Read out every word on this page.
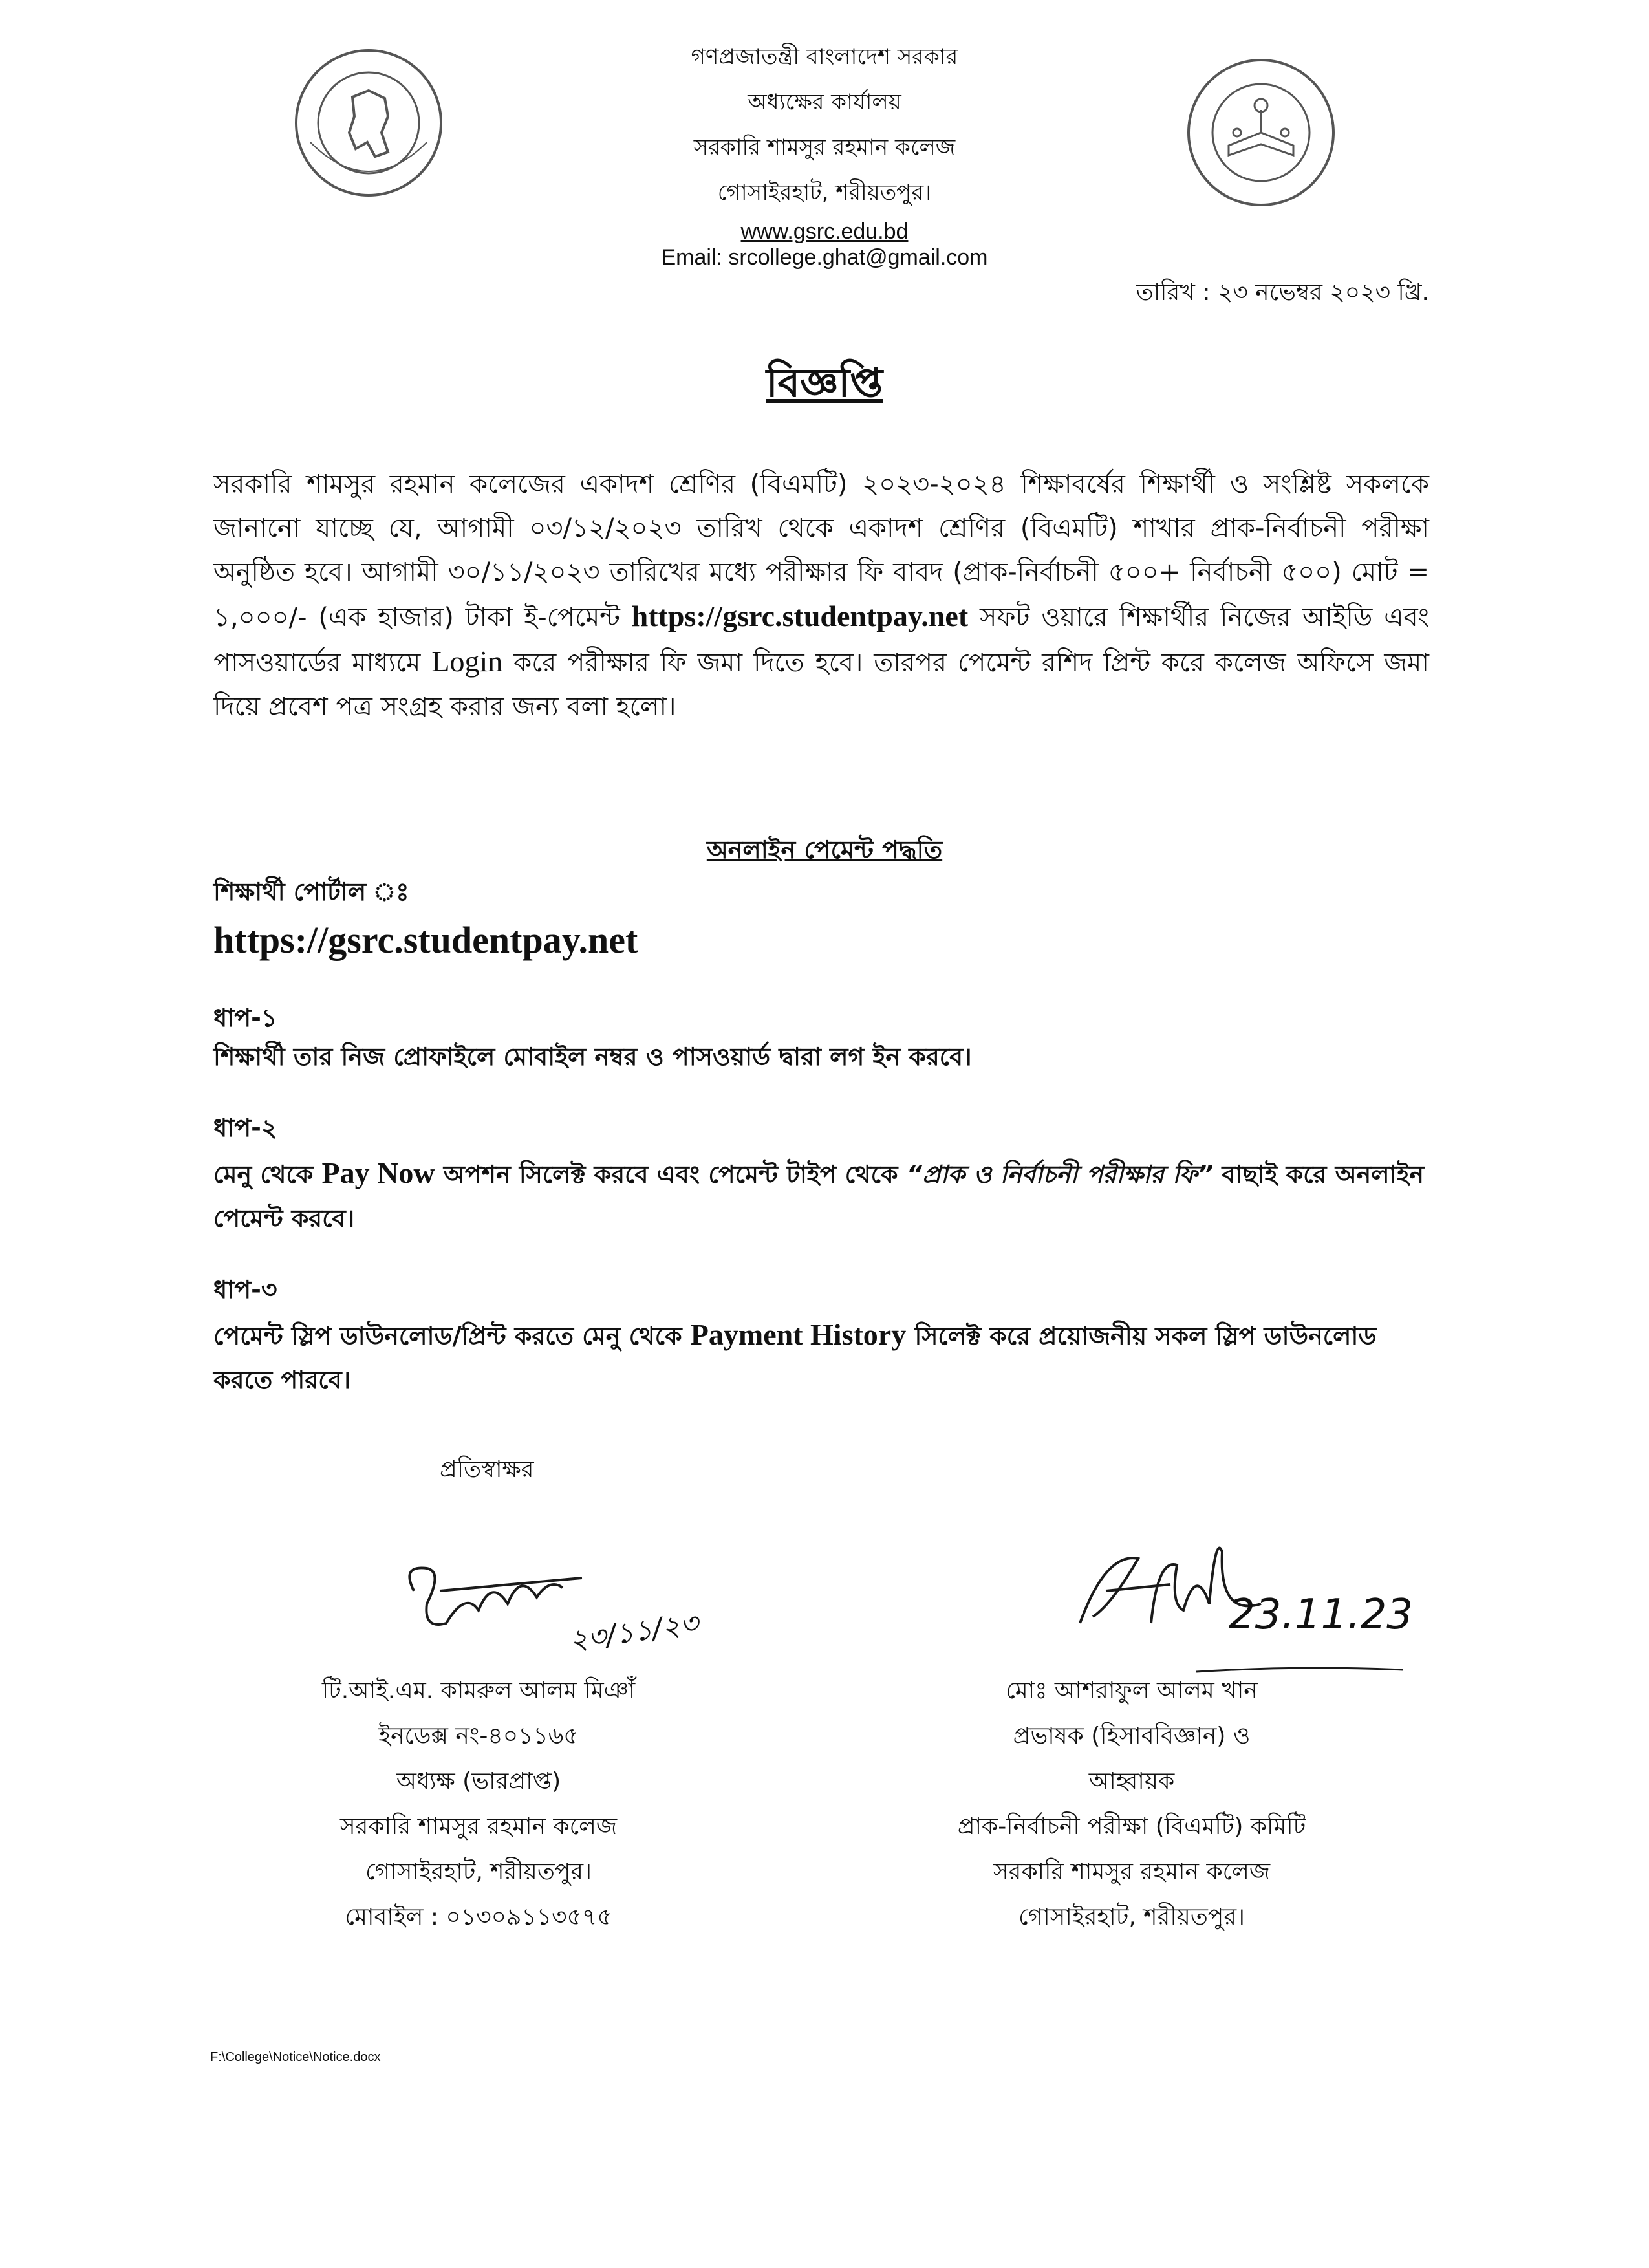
গণপ্রজাতন্ত্রী বাংলাদেশ সরকার
অধ্যক্ষের কার্যালয়
সরকারি শামসুর রহমান কলেজ
গোসাইরহাট, শরীয়তপুর।
www.gsrc.edu.bd
Email: srcollege.ghat@gmail.com
তারিখ : ২৩ নভেম্বর ২০২৩ খ্রি.
বিজ্ঞপ্তি
সরকারি শামসুর রহমান কলেজের একাদশ শ্রেণির (বিএমটি) ২০২৩-২০২৪ শিক্ষাবর্ষের শিক্ষার্থী ও সংশ্লিষ্ট সকলকে জানানো যাচ্ছে যে, আগামী ০৩/১২/২০২৩ তারিখ থেকে একাদশ শ্রেণির (বিএমটি) শাখার প্রাক-নির্বাচনী পরীক্ষা অনুষ্ঠিত হবে। আগামী ৩০/১১/২০২৩ তারিখের মধ্যে পরীক্ষার ফি বাবদ (প্রাক-নির্বাচনী ৫০০+ নির্বাচনী ৫০০) মোট = ১,০০০/- (এক হাজার) টাকা ই-পেমেন্ট https://gsrc.studentpay.net সফট ওয়ারে শিক্ষার্থীর নিজের আইডি এবং পাসওয়ার্ডের মাধ্যমে Login করে পরীক্ষার ফি জমা দিতে হবে। তারপর পেমেন্ট রশিদ প্রিন্ট করে কলেজ অফিসে জমা দিয়ে প্রবেশ পত্র সংগ্রহ করার জন্য বলা হলো।
অনলাইন পেমেন্ট পদ্ধতি
শিক্ষার্থী পোর্টাল ঃ
https://gsrc.studentpay.net
ধাপ-১
শিক্ষার্থী তার নিজ প্রোফাইলে মোবাইল নম্বর ও পাসওয়ার্ড দ্বারা লগ ইন করবে।
ধাপ-২
মেনু থেকে Pay Now অপশন সিলেক্ট করবে এবং পেমেন্ট টাইপ থেকে “প্রাক ও নির্বাচনী পরীক্ষার ফি” বাছাই করে অনলাইন পেমেন্ট করবে।
ধাপ-৩
পেমেন্ট স্লিপ ডাউনলোড/প্রিন্ট করতে মেনু থেকে Payment History সিলেক্ট করে প্রয়োজনীয় সকল স্লিপ ডাউনলোড করতে পারবে।
প্রতিস্বাক্ষর
২৩/১১/২৩	23.11.23
টি.আই.এম. কামরুল আলম মিঞাঁ
ইনডেক্স নং-৪০১১৬৫
অধ্যক্ষ (ভারপ্রাপ্ত)
সরকারি শামসুর রহমান কলেজ
গোসাইরহাট, শরীয়তপুর।
মোবাইল : ০১৩০৯১১৩৫৭৫
মোঃ আশরাফুল আলম খান
প্রভাষক (হিসাববিজ্ঞান) ও
আহ্বায়ক
প্রাক-নির্বাচনী পরীক্ষা (বিএমটি) কমিটি
সরকারি শামসুর রহমান কলেজ
গোসাইরহাট, শরীয়তপুর।
F:\College\Notice\Notice.docx
